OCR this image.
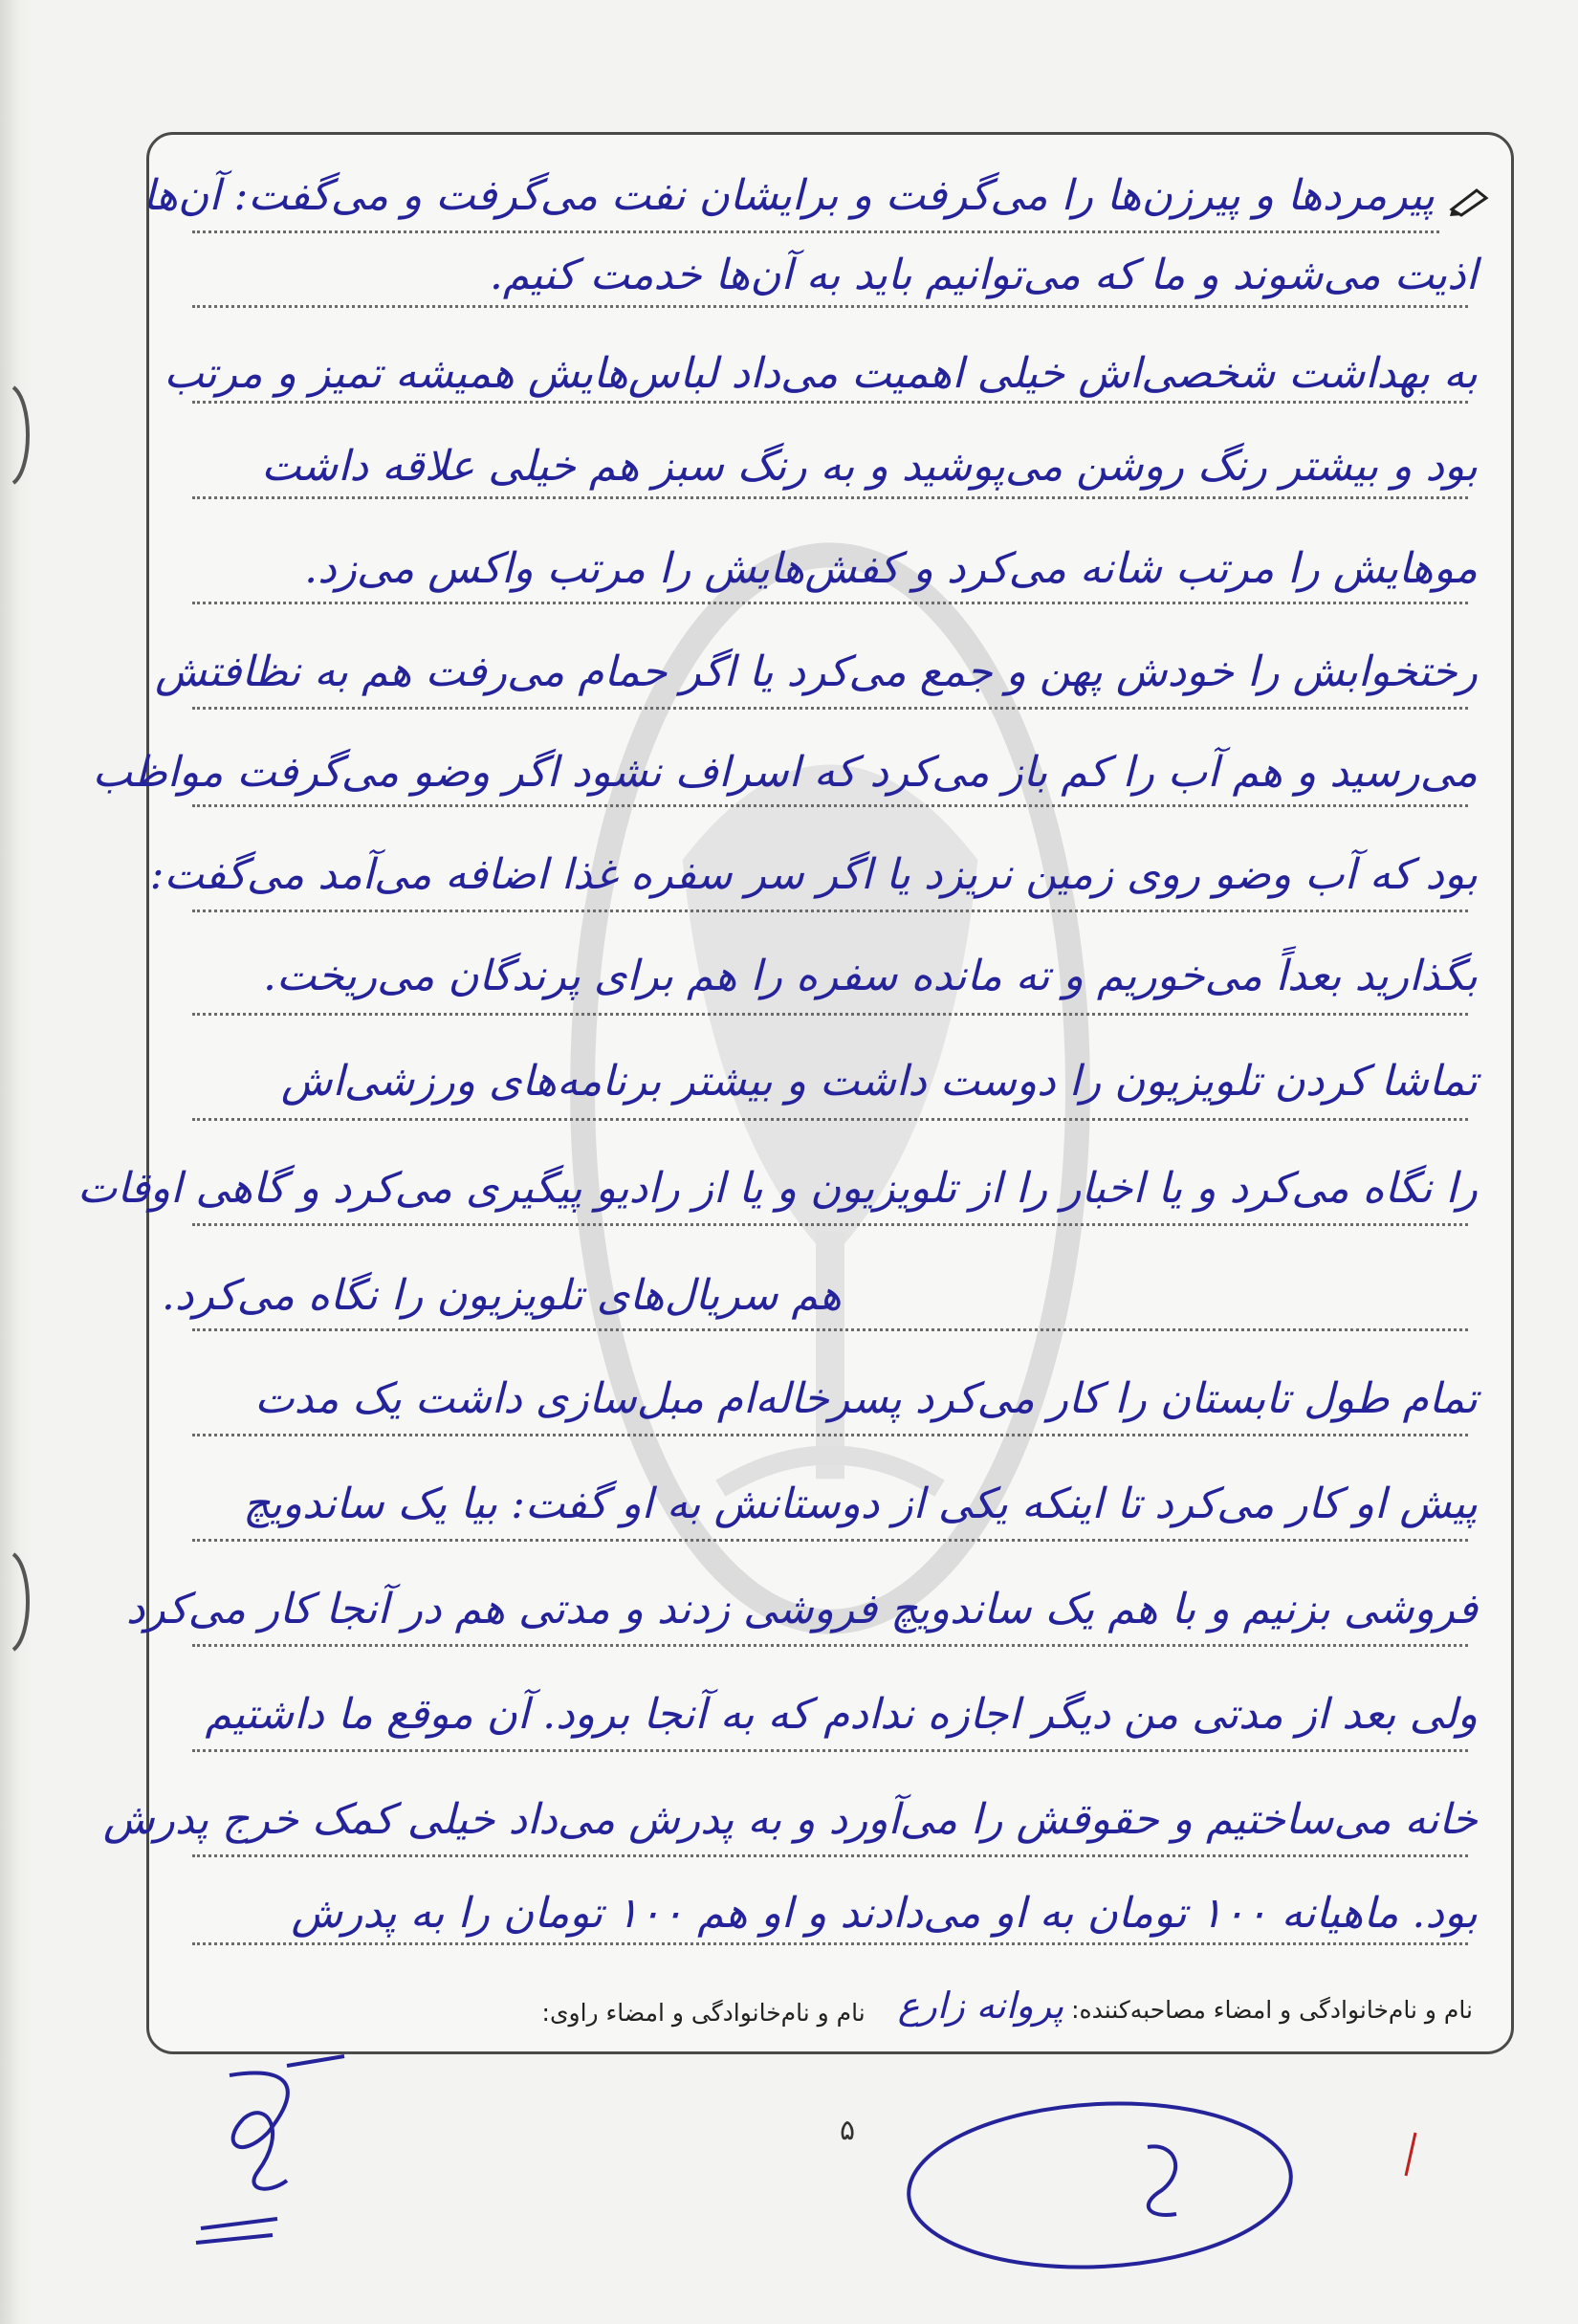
پیرمردها و پیرزن‌ها را می‌گرفت و برایشان نفت می‌گرفت و می‌گفت: آن‌ها
اذیت می‌شوند و ما که می‌توانیم باید به آن‌ها خدمت کنیم.
به بهداشت شخصی‌اش خیلی اهمیت می‌داد لباس‌هایش همیشه تمیز و مرتب
بود و بیشتر رنگ روشن می‌پوشید و به رنگ سبز هم خیلی علاقه داشت
موهایش را مرتب شانه می‌کرد و کفش‌هایش را مرتب واکس می‌زد.
رختخوابش را خودش پهن و جمع می‌کرد یا اگر حمام می‌رفت هم به نظافتش
می‌رسید و هم آب را کم باز می‌کرد که اسراف نشود اگر وضو می‌گرفت مواظب
بود که آب وضو روی زمین نریزد یا اگر سر سفره غذا اضافه می‌آمد می‌گفت:
بگذارید بعداً می‌خوریم و ته مانده سفره را هم برای پرندگان می‌ریخت.
تماشا کردن تلویزیون را دوست داشت و بیشتر برنامه‌های ورزشی‌اش
را نگاه می‌کرد و یا اخبار را از تلویزیون و یا از رادیو پیگیری می‌کرد و گاهی اوقات
هم سریال‌های تلویزیون را نگاه می‌کرد.
تمام طول تابستان را کار می‌کرد پسرخاله‌ام مبل‌سازی داشت یک مدت
پیش او کار می‌کرد تا اینکه یکی از دوستانش به او گفت: بیا یک ساندویچ
فروشی بزنیم و با هم یک ساندویچ فروشی زدند و مدتی هم در آنجا کار می‌کرد
ولی بعد از مدتی من دیگر اجازه ندادم که به آنجا برود. آن موقع ما داشتیم
خانه می‌ساختیم و حقوقش را می‌آورد و به پدرش می‌داد خیلی کمک خرج پدرش
بود. ماهیانه ۱۰۰ تومان به او می‌دادند و او هم ۱۰۰ تومان را به پدرش
نام و نام‌خانوادگی و امضاء مصاحبه‌کننده: پروانه زارع
نام و نام‌خانوادگی و امضاء راوی:
۵
